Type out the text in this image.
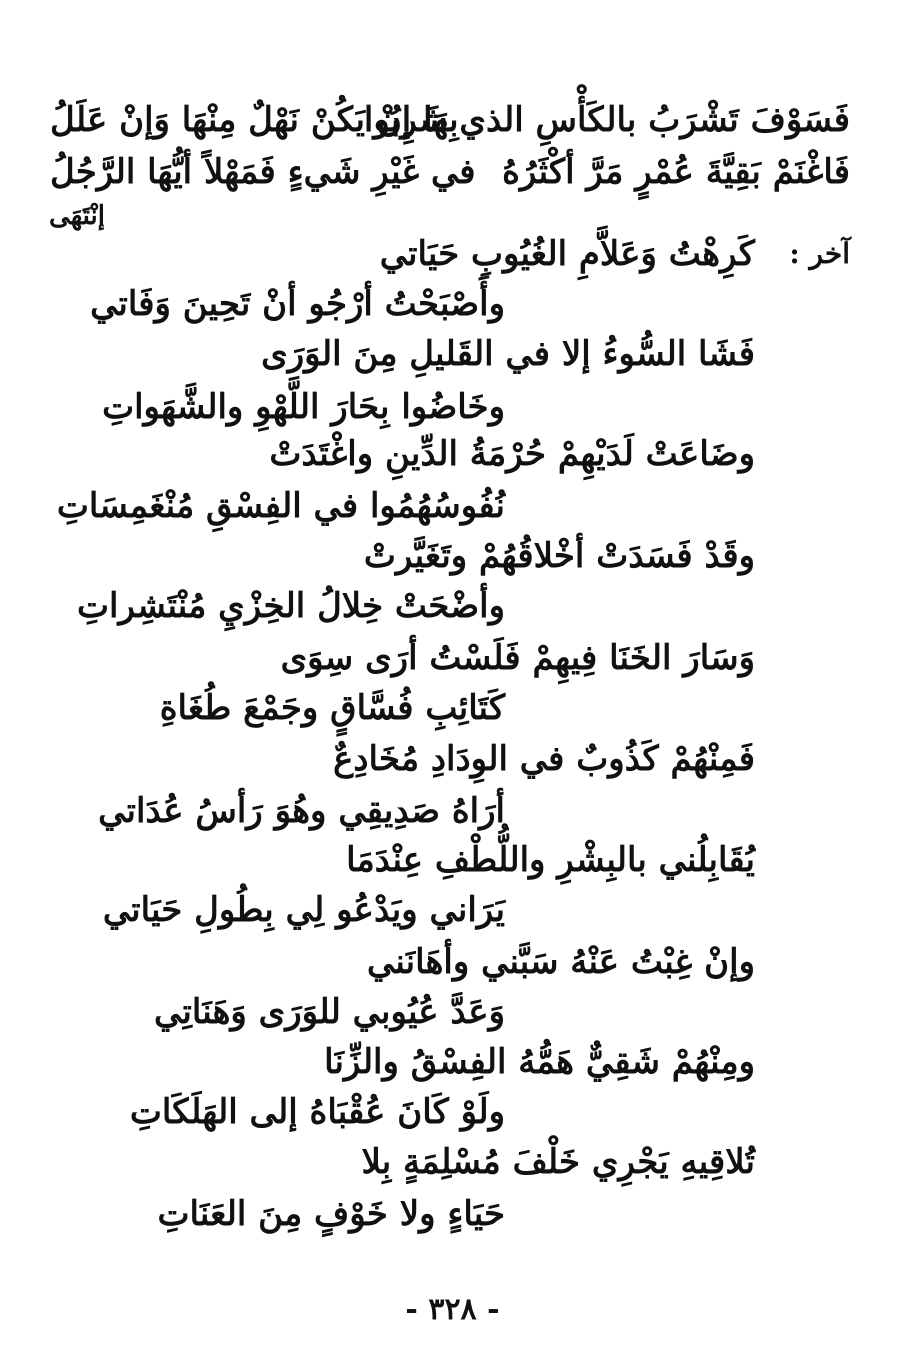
فَسَوْفَ تَشْرَبُ بالكَأْسِ الذي شَرِبُوا
بِهَا إنْ يَكُنْ نَهْلٌ مِنْهَا وَإنْ عَلَلُ
فَاغْنَمْ بَقِيَّةَ عُمْرٍ مَرَّ أكْثَرُهُ
في غَيْرِ شَيءٍ فَمَهْلاً أيُّهَا الرَّجُلُ
إنْتَهَى
آخر :
كَرِهْتُ وَعَلاَّمِ الغُيُوبِ حَيَاتي
وأَصْبَحْتُ أرْجُو أنْ تَحِينَ وَفَاتي
فَشَا السُّوءُ إلا في القَليلِ مِنَ الوَرَى
وخَاضُوا بِحَارَ اللَّهْوِ والشَّهَواتِ
وضَاعَتْ لَدَيْهِمْ حُرْمَةُ الدِّينِ واغْتَدَتْ
نُفُوسُهُمُوا في الفِسْقِ مُنْغَمِسَاتِ
وقَدْ فَسَدَتْ أخْلاقُهُمْ وتَغَيَّرتْ
وأضْحَتْ خِلالُ الخِزْيِ مُنْتَشِراتِ
وَسَارَ الخَنَا فِيهِمْ فَلَسْتُ أرَى سِوَى
كَتَائِبِ فُسَّاقٍ وجَمْعَ طُغَاةِ
فَمِنْهُمْ كَذُوبٌ في الوِدَادِ مُخَادِعٌ
أرَاهُ صَدِيقِي وهُوَ رَأسُ عُدَاتي
يُقَابِلُني بالبِشْرِ واللُّطْفِ عِنْدَمَا
يَرَاني ويَدْعُو لِي بِطُولِ حَيَاتي
وإنْ غِبْتُ عَنْهُ سَبَّني وأهَانَني
وَعَدَّ عُيُوبي للوَرَى وَهَنَاتِي
ومِنْهُمْ شَقِيٌّ هَمُّهُ الفِسْقُ والزِّنَا
ولَوْ كَانَ عُقْبَاهُ إلى الهَلَكَاتِ
تُلاقِيهِ يَجْرِي خَلْفَ مُسْلِمَةٍ بِلا
حَيَاءٍ ولا خَوْفٍ مِنَ العَنَاتِ
- ٣٢٨ -
